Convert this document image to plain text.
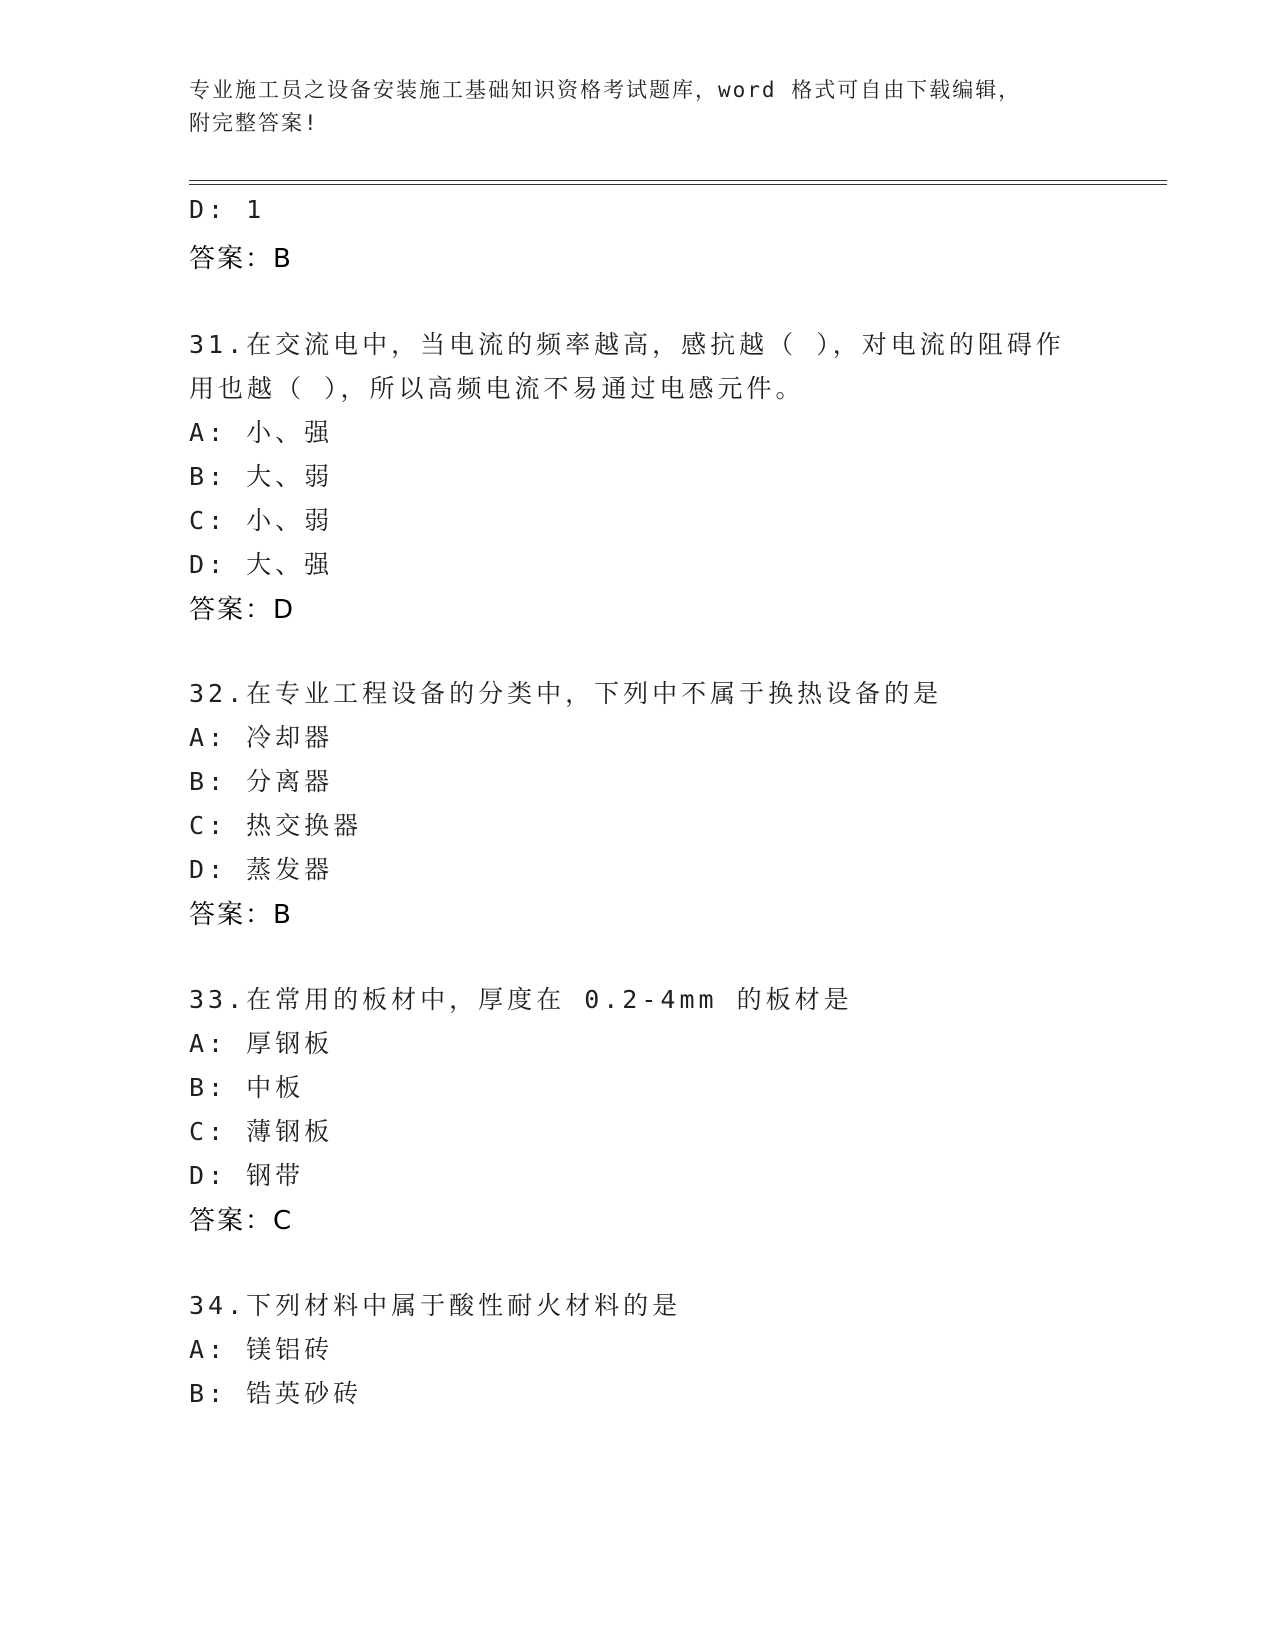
专业施工员之设备安装施工基础知识资格考试题库，word 格式可自由下载编辑，
附完整答案!
D: 1
答案：B
31.在交流电中，当电流的频率越高，感抗越（ ），对电流的阻碍作
用也越（ ），所以高频电流不易通过电感元件。
A: 小、强
B: 大、弱
C: 小、弱
D: 大、强
答案：D
32.在专业工程设备的分类中，下列中不属于换热设备的是
A: 冷却器
B: 分离器
C: 热交换器
D: 蒸发器
答案：B
33.在常用的板材中，厚度在 0.2-4mm 的板材是
A: 厚钢板
B: 中板
C: 薄钢板
D: 钢带
答案：C
34.下列材料中属于酸性耐火材料的是
A: 镁铝砖
B: 锆英砂砖
